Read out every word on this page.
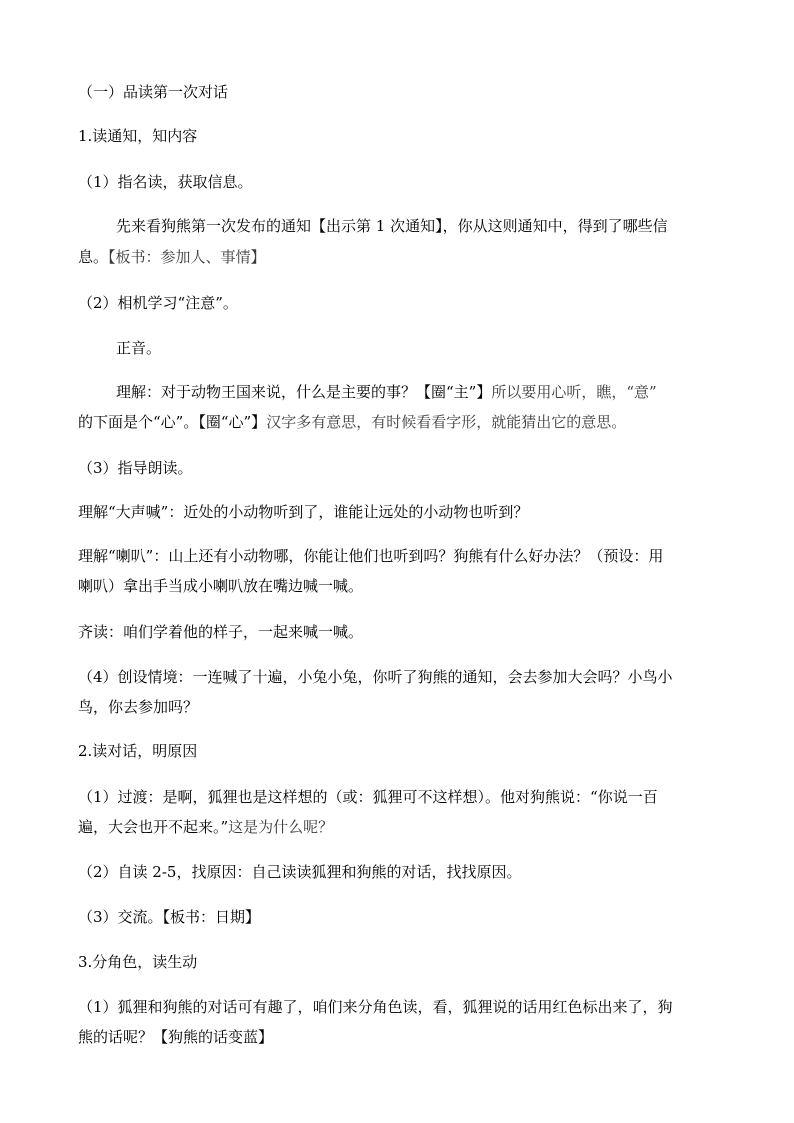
（一）品读第一次对话

1.读通知，知内容

（1）指名读，获取信息。

先来看狗熊第一次发布的通知【出示第 1 次通知】，你从这则通知中，得到了哪些信

息。【板书：参加人、事情】

（2）相机学习“注意”。

正音。

理解：对于动物王国来说，什么是主要的事？【圈“主”】所以要用心听，瞧，“意”

的下面是个“心”。【圈“心”】汉字多有意思，有时候看看字形，就能猜出它的意思。

（3）指导朗读。

理解“大声喊”：近处的小动物听到了，谁能让远处的小动物也听到？

理解“喇叭”：山上还有小动物哪，你能让他们也听到吗？狗熊有什么好办法？（预设：用

喇叭）拿出手当成小喇叭放在嘴边喊一喊。

齐读：咱们学着他的样子，一起来喊一喊。

（4）创设情境：一连喊了十遍，小兔小兔，你听了狗熊的通知，会去参加大会吗？小鸟小

鸟，你去参加吗？

2.读对话，明原因

（1）过渡：是啊，狐狸也是这样想的（或：狐狸可不这样想）。他对狗熊说：“你说一百

遍，大会也开不起来。”这是为什么呢？

（2）自读 2-5，找原因：自己读读狐狸和狗熊的对话，找找原因。

（3）交流。【板书：日期】

3.分角色，读生动

（1）狐狸和狗熊的对话可有趣了，咱们来分角色读，看，狐狸说的话用红色标出来了，狗

熊的话呢？【狗熊的话变蓝】
